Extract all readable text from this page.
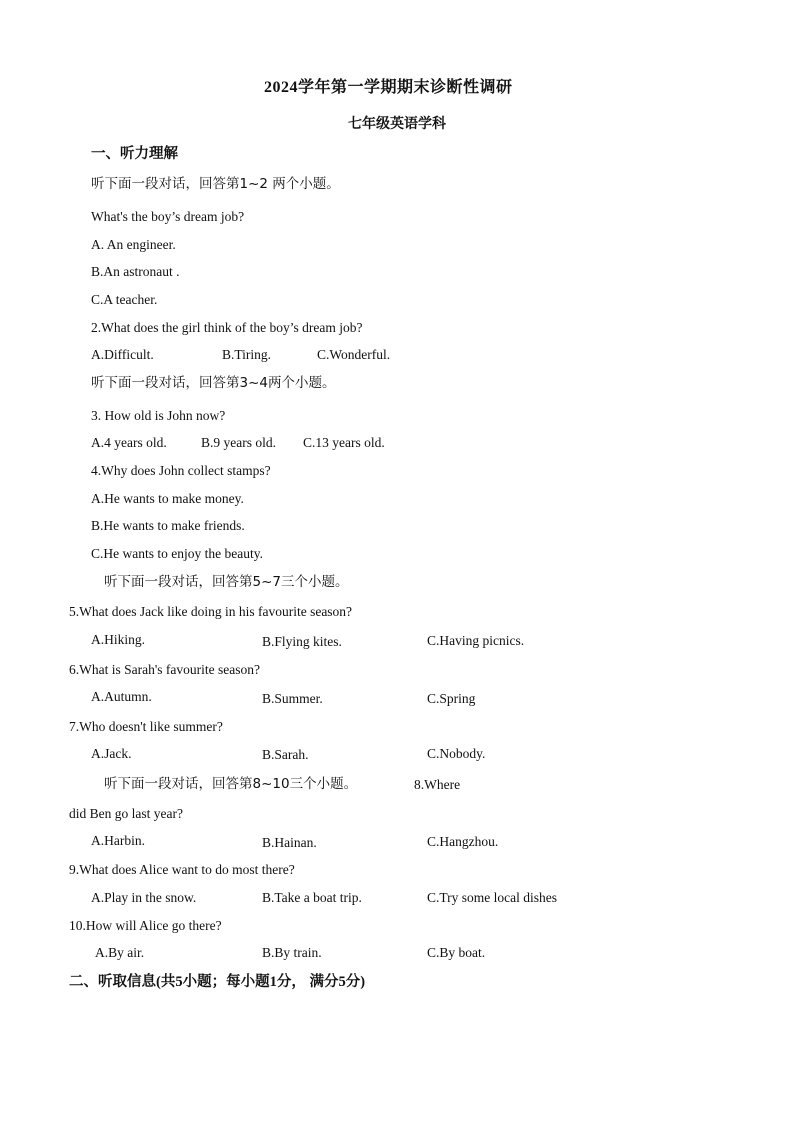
2024学年第一学期期末诊断性调研
七年级英语学科
一、听力理解
听下面一段对话，回答第1~2 两个小题。
What's the boy’s dream job?
A. An engineer.
B.An astronaut .
C.A teacher.
2.What does the girl think of the boy’s dream job?
A.Difficult.	B.Tiring.	C.Wonderful.
听下面一段对话，回答第3~4两个小题。
3. How old is John now?
A.4 years old.	B.9 years old. C.13 years old.
4.Why does John collect stamps?
A.He wants to make money.
B.He wants to make friends.
C.He wants to enjoy the beauty.
听下面一段对话，回答第5~7三个小题。
5.What does Jack like doing in his favourite season?
A.Hiking.	B.Flying kites.	C.Having picnics.
6.What is Sarah's favourite season?
A.Autumn.	B.Summer.	C.Spring
7.Who doesn't like summer?
A.Jack.	B.Sarah.	C.Nobody.
听下面一段对话，回答第8~10三个小题。	8.Where
did Ben go last year?
A.Harbin.	B.Hainan.	C.Hangzhou.
9.What does Alice want to do most there?
A.Play in the snow.	B.Take a boat trip.	C.Try some local dishes
10.How will Alice go there?
A.By air.	B.By train.	C.By boat.
二、听取信息(共5小题；每小题1分， 满分5分)
